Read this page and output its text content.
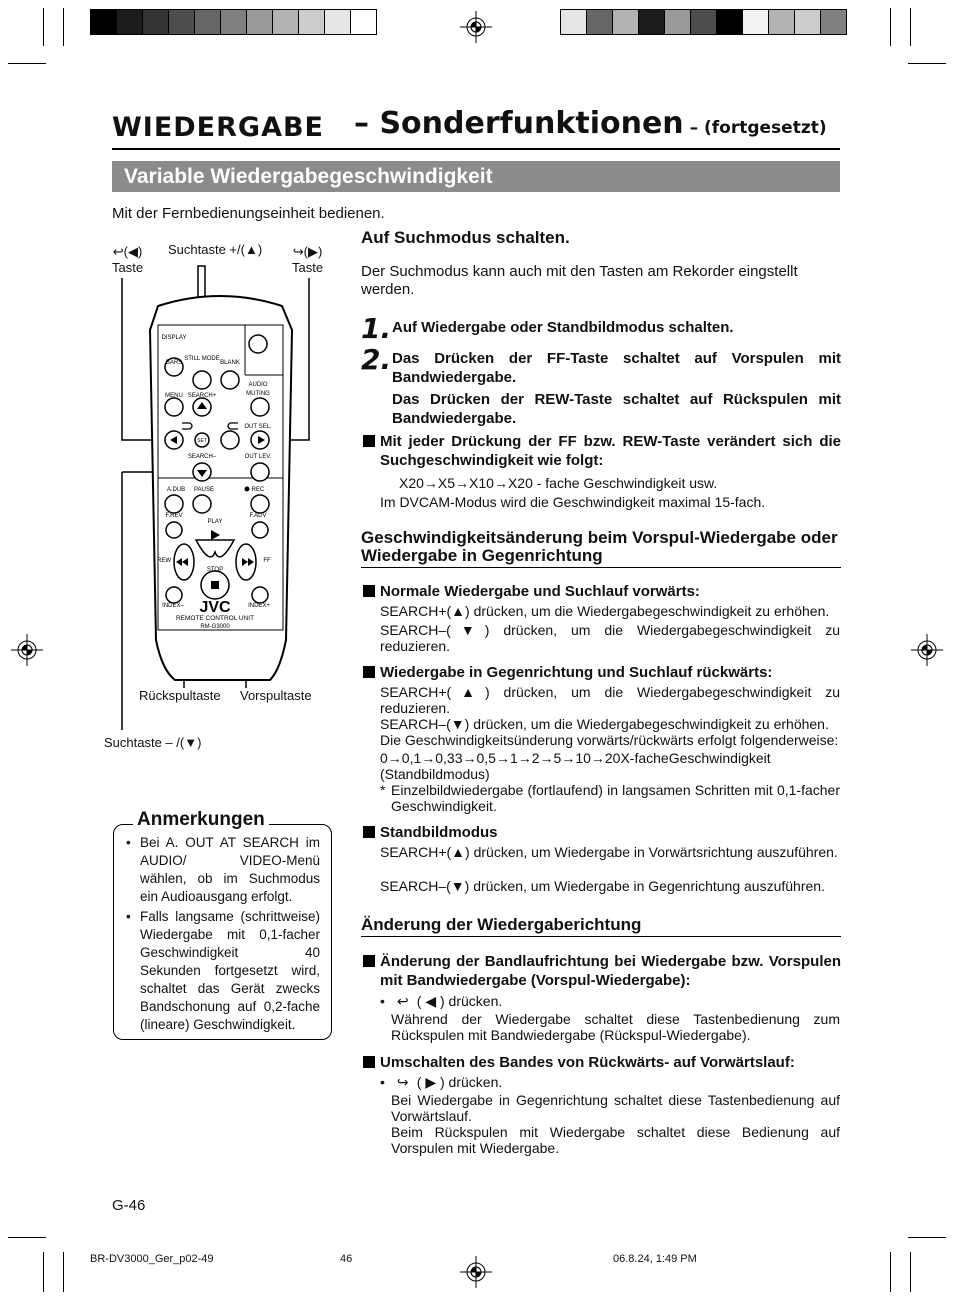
WIEDERGABE – Sonderfunktionen – (fortgesetzt)
Variable Wiedergabegeschwindigkeit
Mit der Fernbedienungseinheit bedienen.
DISPLAY
BARS
STILL MODE
BLANK
AUDIO
MUTING
MENU SEARCH+
SET
OUT SEL.
SEARCH–	OUT LEV.
A.DUB PAUSE	REC
F.REV	F.ADV
PLAY
REW	FF
STOP
INDEX–	INDEX+
REMOTE CONTROL UNIT
RM-G3000
JVC
↩(◀)
Taste
Suchtaste +/(▲) ↪(▶)
Taste
Rückspultaste Vorspultaste
Suchtaste – /(▼)
• Bei A. OUT AT SEARCH im AUDIO/ VIDEO-Menü wählen, ob im Suchmodus ein Audioausgang erfolgt.
• Falls langsame (schrittweise) Wiedergabe mit 0,1-facher Geschwindigkeit 40 Sekunden fortgesetzt wird, schaltet das Gerät zwecks Bandschonung auf 0,2-fache (lineare) Geschwindigkeit.
Anmerkungen
Auf Suchmodus schalten.
Der Suchmodus kann auch mit den Tasten am Rekorder eingstellt werden.
1. Auf Wiedergabe oder Standbildmodus schalten.
2. Das Drücken der FF-Taste schaltet auf Vorspulen mit Bandwiedergabe.
Das Drücken der REW-Taste schaltet auf Rückspulen mit Bandwiedergabe.
Mit jeder Drückung der FF bzw. REW-Taste verändert sich die Suchgeschwindigkeit wie folgt:
X20→X5→X10→X20 - fache Geschwindigkeit usw.
Im DVCAM-Modus wird die Geschwindigkeit maximal 15-fach.
Geschwindigkeitsänderung beim Vorspul-Wiedergabe oder Wiedergabe in Gegenrichtung
Normale Wiedergabe und Suchlauf vorwärts:
SEARCH+(▲) drücken, um die Wiedergabegeschwindigkeit zu erhöhen.
SEARCH–(▼) drücken, um die Wiedergabegeschwindigkeit zu reduzieren.
Wiedergabe in Gegenrichtung und Suchlauf rückwärts:
SEARCH+(▲) drücken, um die Wiedergabegeschwindigkeit zu reduzieren.
SEARCH–(▼) drücken, um die Wiedergabegeschwindigkeit zu erhöhen.
Die Geschwindigkeitsünderung vorwärts/rückwärts erfolgt folgenderweise:
0→0,1→0,33→0,5→1→2→5→10→20X-facheGeschwindigkeit (Standbildmodus)
* Einzelbildwiedergabe (fortlaufend) in langsamen Schritten mit 0,1-facher Geschwindigkeit.
Standbildmodus
SEARCH+(▲) drücken, um Wiedergabe in Vorwärtsrichtung auszuführen.
SEARCH–(▼) drücken, um Wiedergabe in Gegenrichtung auszuführen.
Änderung der Wiedergaberichtung
Änderung der Bandlaufrichtung bei Wiedergabe bzw. Vorspulen mit Bandwiedergabe (Vorspul-Wiedergabe):
• ↩ ( ◀ ) drücken.
Während der Wiedergabe schaltet diese Tastenbedienung zum Rückspulen mit Bandwiedergabe (Rückspul-Wiedergabe).
Umschalten des Bandes von Rückwärts- auf Vorwärtslauf:
• ↪ ( ▶ ) drücken.
Bei Wiedergabe in Gegenrichtung schaltet diese Tastenbedienung auf Vorwärtslauf.
Beim Rückspulen mit Wiedergabe schaltet diese Bedienung auf Vorspulen mit Wiedergabe.
G-46
BR-DV3000_Ger_p02-49	46	06.8.24, 1:49 PM
